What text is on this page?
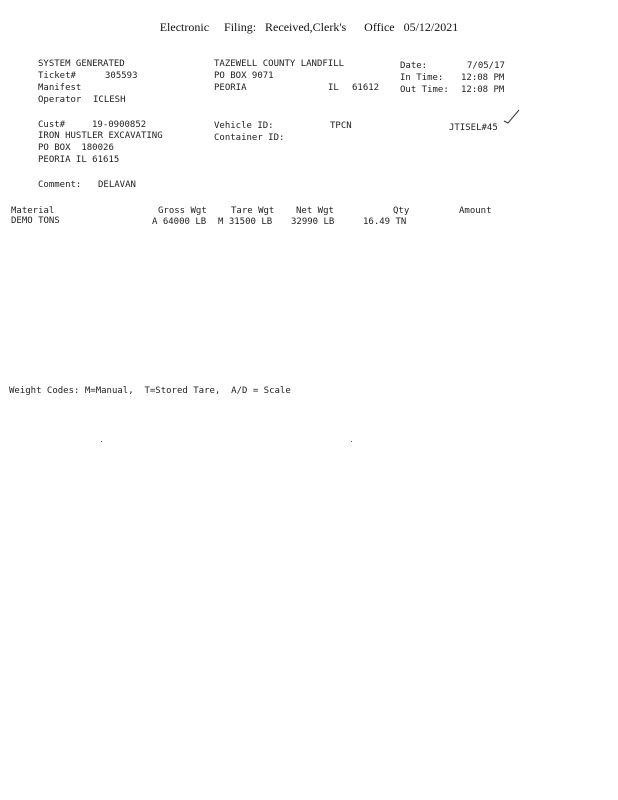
Electronic     Filing:   Received,Clerk's      Office   05/12/2021
SYSTEM GENERATED
Ticket#	305593
Manifest
Operator ICLESH
TAZEWELL COUNTY LANDFILL
PO BOX 9071
PEORIA	IL 61612
Date:	7/05/17
In Time: 12:08 PM
Out Time: 12:08 PM
Cust#	19-0900852
IRON HUSTLER EXCAVATING
PO BOX  180026
PEORIA IL 61615
Vehicle ID:	TPCN
Container ID:
JTISEL#45
Comment: DELAVAN
Material	Gross Wgt	Tare Wgt Net Wgt	Qty	Amount
DEMO TONS	A 64000 LB M 31500 LB 32990 LB	16.49 TN
Weight Codes: M=Manual,  T=Stored Tare,  A/D = Scale
